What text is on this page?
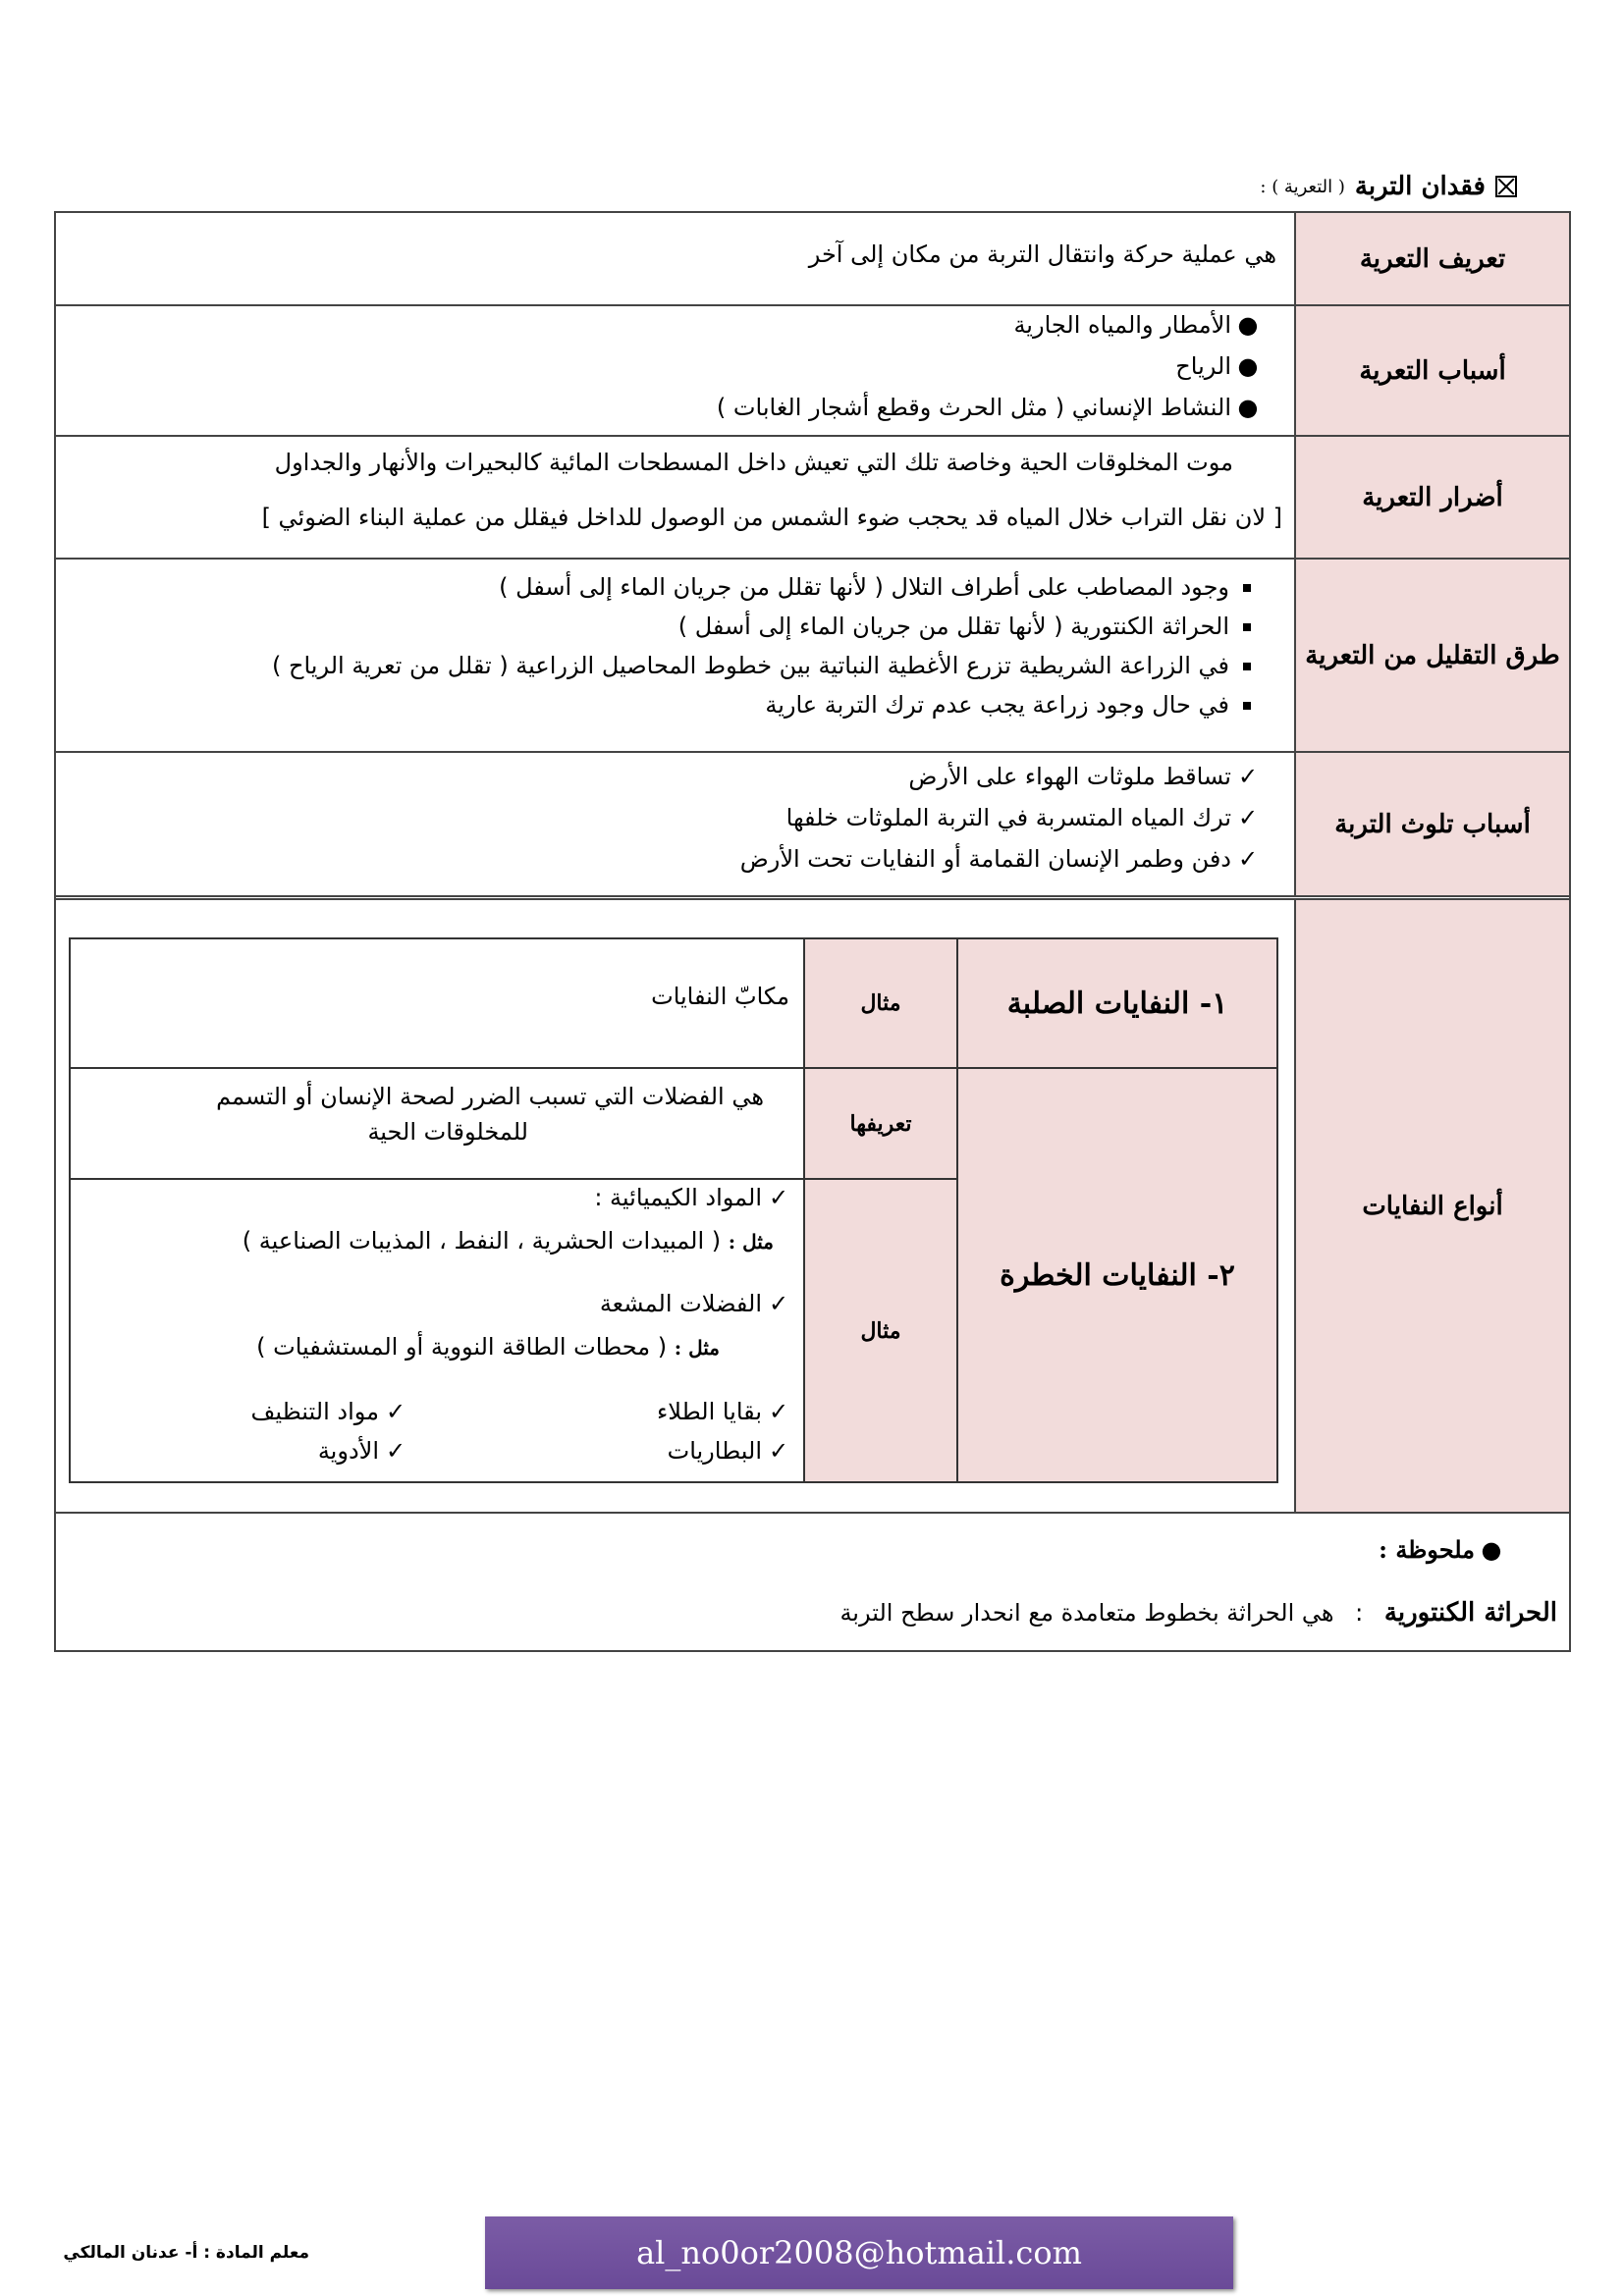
فقدان التربة
( التعرية ) :
تعريف التعرية
هي عملية حركة وانتقال التربة من مكان إلى آخر
أسباب التعرية
●الأمطار والمياه الجارية
●الرياح
●النشاط الإنساني ( مثل الحرث وقطع أشجار الغابات )
أضرار التعرية
موت المخلوقات الحية وخاصة تلك التي تعيش داخل المسطحات المائية كالبحيرات والأنهار والجداول
[ لان نقل التراب خلال المياه قد يحجب ضوء الشمس من الوصول للداخل فيقلل من عملية البناء الضوئي ]
طرق التقليل من التعرية
وجود المصاطب على أطراف التلال ( لأنها تقلل من جريان الماء إلى أسفل )
الحراثة الكنتورية ( لأنها تقلل من جريان الماء إلى أسفل )
في الزراعة الشريطية تزرع الأغطية النباتية بين خطوط المحاصيل الزراعية ( تقلل من تعرية الرياح )
في حال وجود زراعة يجب عدم ترك التربة عارية
أسباب تلوث التربة
✓تساقط ملوثات الهواء على الأرض
✓ترك المياه المتسربة في التربة الملوثات خلفها
✓دفن وطمر الإنسان القمامة أو النفايات تحت الأرض
أنواع النفايات
●ملحوظة :
الحراثة الكنتورية : هي الحراثة بخطوط متعامدة مع انحدار سطح التربة
١- النفايات الصلبة
٢- النفايات الخطرة
مثال
تعريفها
مثال
مكابّ النفايات
هي الفضلات التي تسبب الضرر لصحة الإنسان أو التسمم
للمخلوقات الحية
✓المواد الكيميائية :
مثل : ( المبيدات الحشرية ، النفط ، المذيبات الصناعية )
✓الفضلات المشعة
مثل : ( محطات الطاقة النووية أو المستشفيات )
✓بقايا الطلاء
✓مواد التنظيف
✓البطاريات
✓الأدوية
معلم المادة : أ- عدنان المالكي	al_no0or2008@hotmail.com
